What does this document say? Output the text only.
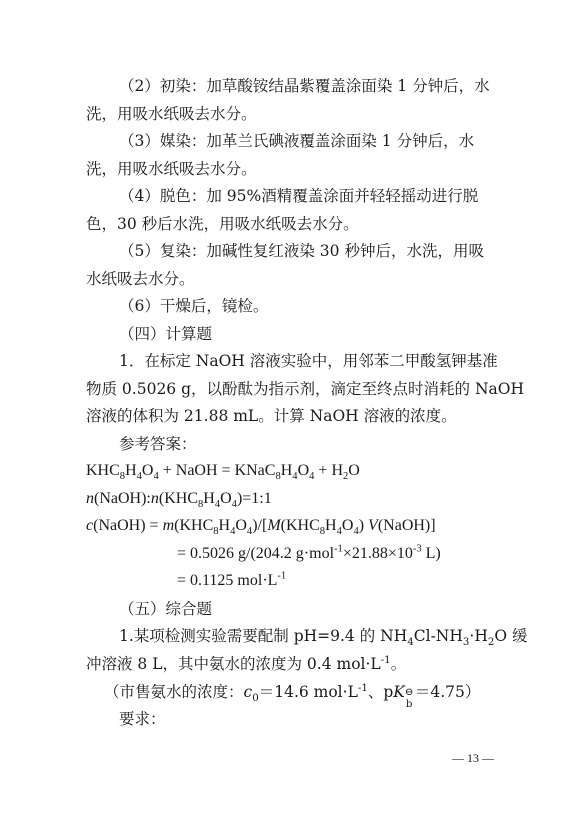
（2）初染：加草酸铵结晶紫覆盖涂面染 1 分钟后，水
洗，用吸水纸吸去水分。
（3）媒染：加革兰氏碘液覆盖涂面染 1 分钟后，水
洗，用吸水纸吸去水分。
（4）脱色：加 95%酒精覆盖涂面并轻轻摇动进行脱
色，30 秒后水洗，用吸水纸吸去水分。
（5）复染：加碱性复红液染 30 秒钟后，水洗，用吸
水纸吸去水分。
（6）干燥后，镜检。
（四）计算题
1．在标定 NaOH 溶液实验中，用邻苯二甲酸氢钾基准
物质 0.5026 g，以酚酞为指示剂，滴定至终点时消耗的 NaOH
溶液的体积为 21.88 mL。计算 NaOH 溶液的浓度。
参考答案：
$KHC_8H_4O_4$ + NaOH = $KNaC_8H_4O_4 + H_2O$
$n(NaOH):n(KHC_8H_4O_4)=1:1$
c(NaOH) = $m(KHC_8H_4O_4)/[M(KHC_8H_4O_4)$ V(NaOH)]
= 0.5026 g/(204.2 $g\cdot mol^{-1}\times 21.88\times 10^{-3}$ L)
= 0.1125 $mol\cdot L^{-1}$
（五）综合题
1.某项检测实验需要配制 pH=9.4 的 $NH_4Cl-NH_3\cdot H_2O$ 缓
冲溶液 8 L，其中氨水的浓度为 0.4 $mol\cdot L^{-1}$。
（市售氨水的浓度：$c_0=14.6$ $mol\cdot L^{-1}$、pK ⊖
b
＝4.75）
要求：
— 13 —
